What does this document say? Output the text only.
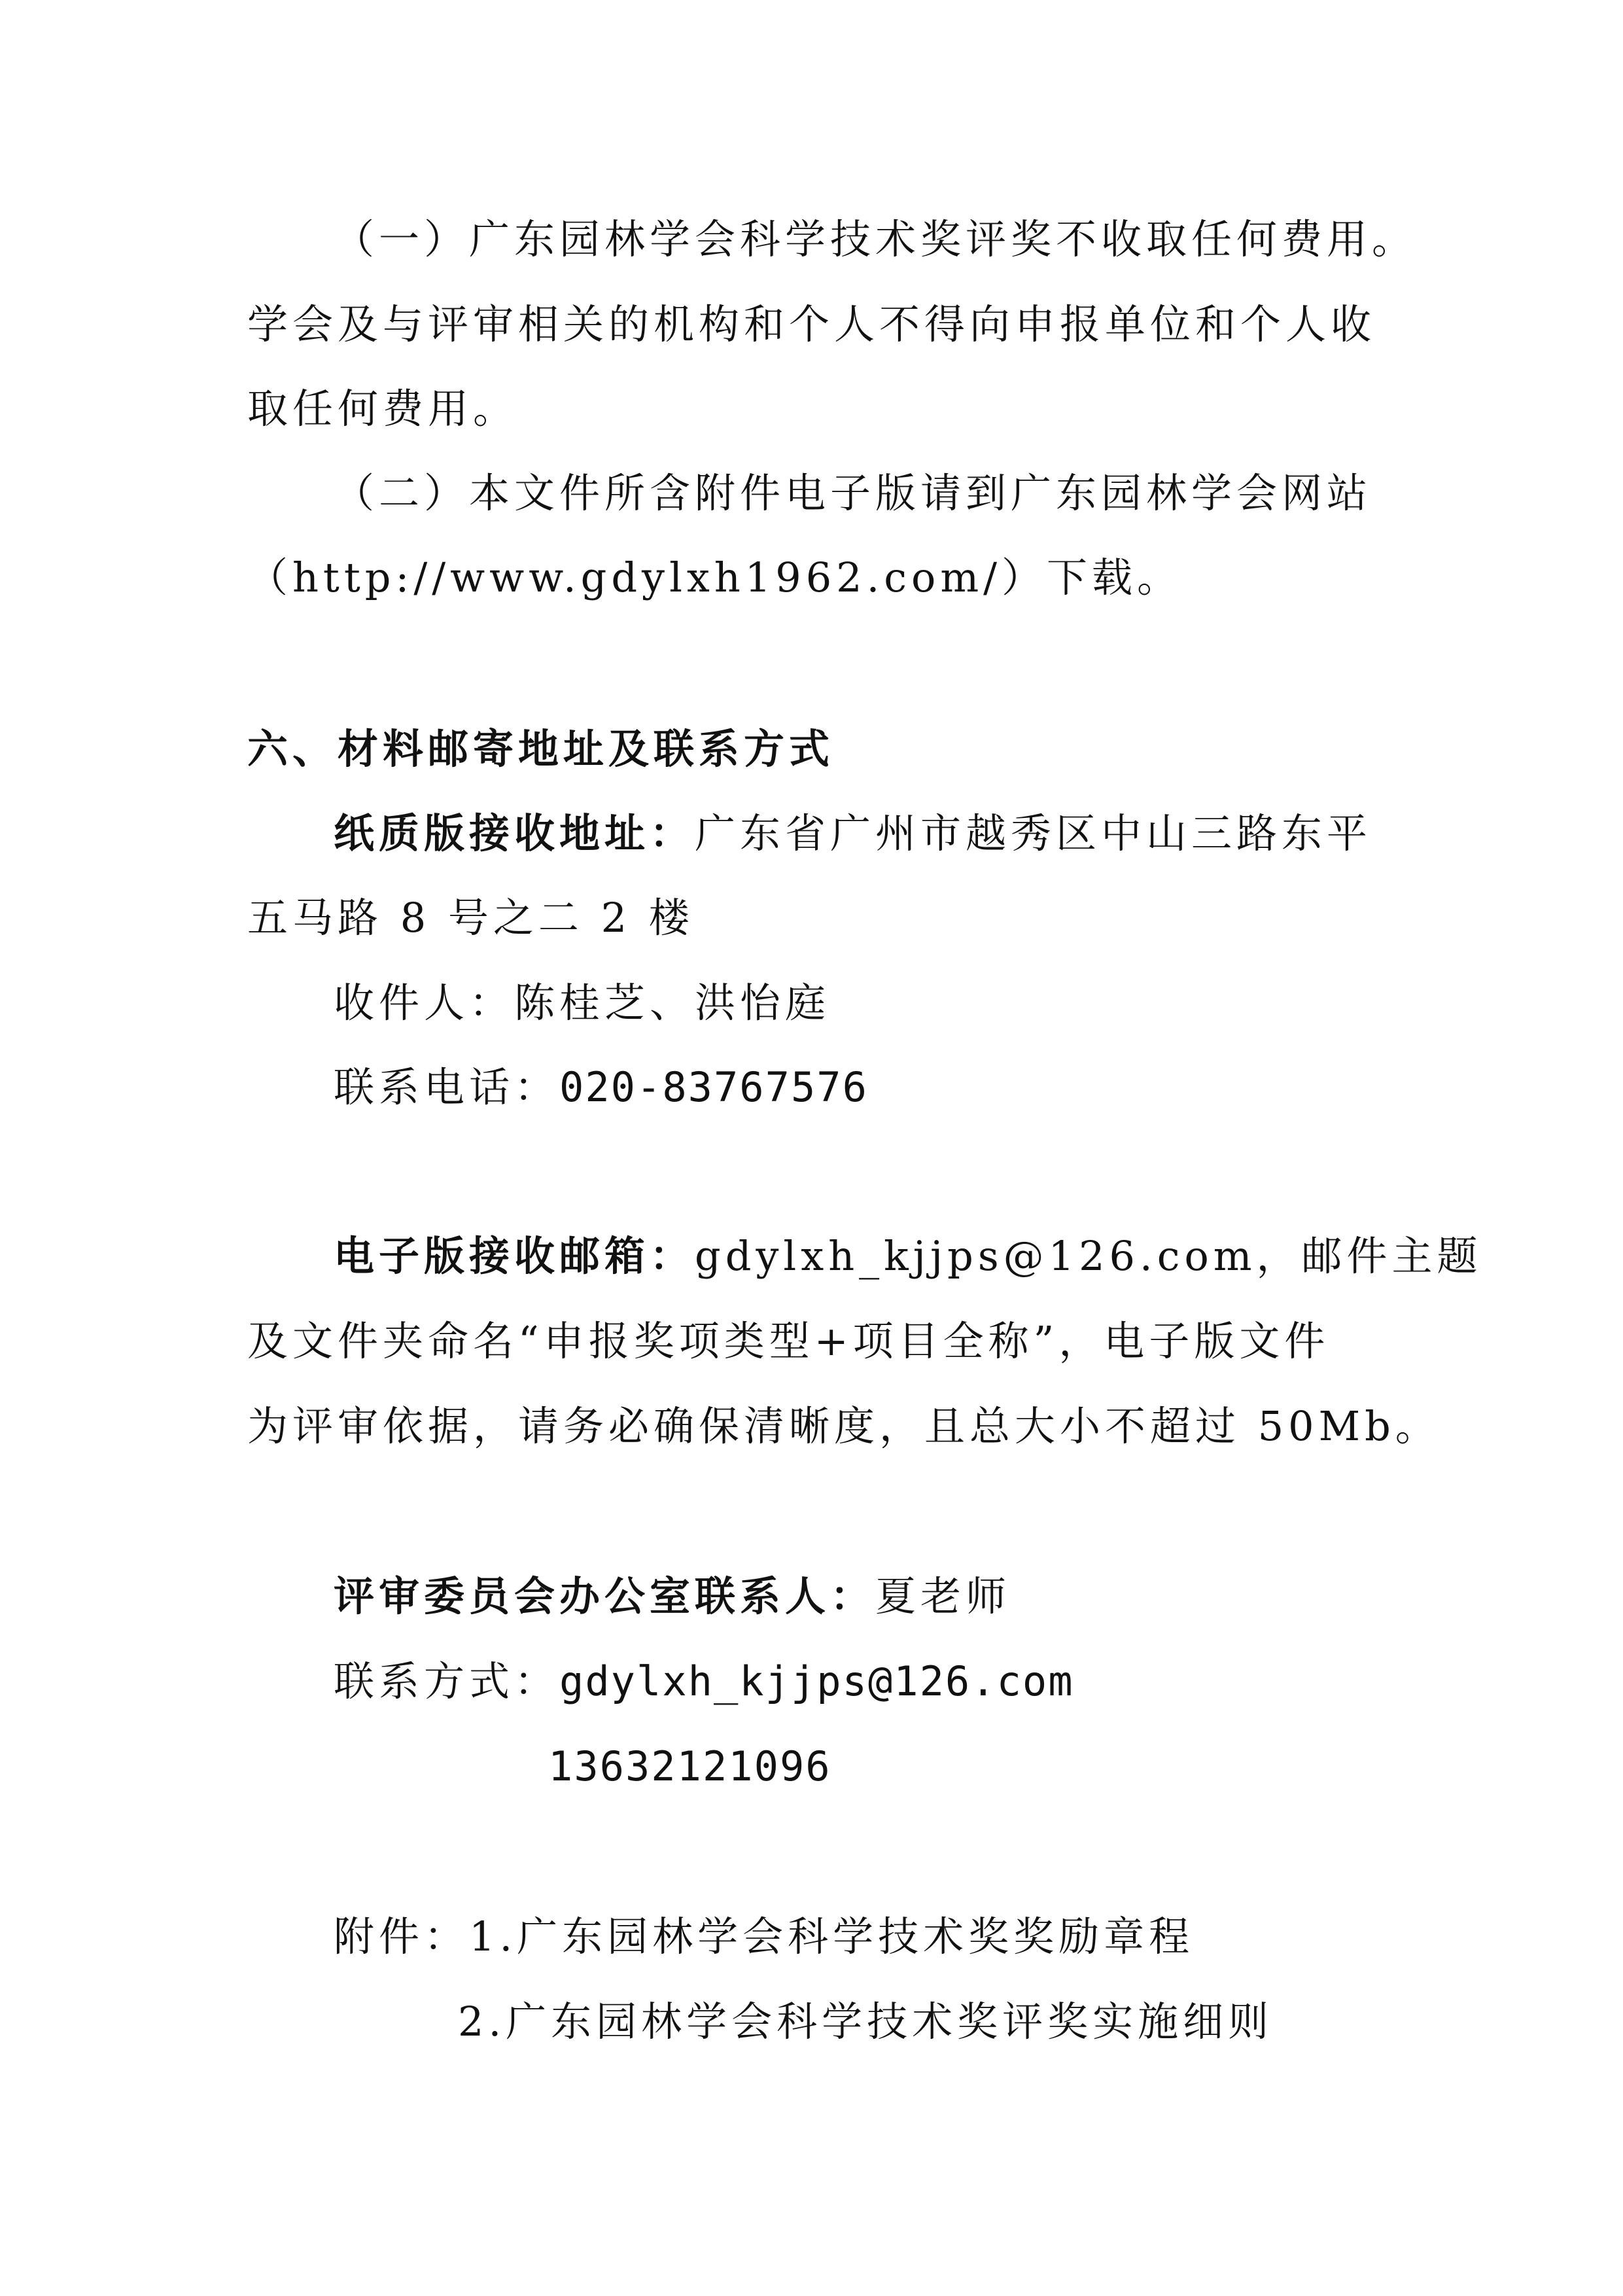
（一）广东园林学会科学技术奖评奖不收取任何费用。
学会及与评审相关的机构和个人不得向申报单位和个人收
取任何费用。
（二）本文件所含附件电子版请到广东园林学会网站
（http://www.gdylxh1962.com/）下载。
六、材料邮寄地址及联系方式
纸质版接收地址：广东省广州市越秀区中山三路东平
五马路 8 号之二 2 楼
收件人：陈桂芝、洪怡庭
联系电话：020-83767576
电子版接收邮箱：gdylxh_kjjps@126.com，邮件主题
及文件夹命名“申报奖项类型+项目全称”，电子版文件
为评审依据，请务必确保清晰度，且总大小不超过 50Mb。
评审委员会办公室联系人：夏老师
联系方式：gdylxh_kjjps@126.com
13632121096
附件：1.广东园林学会科学技术奖奖励章程
2.广东园林学会科学技术奖评奖实施细则
